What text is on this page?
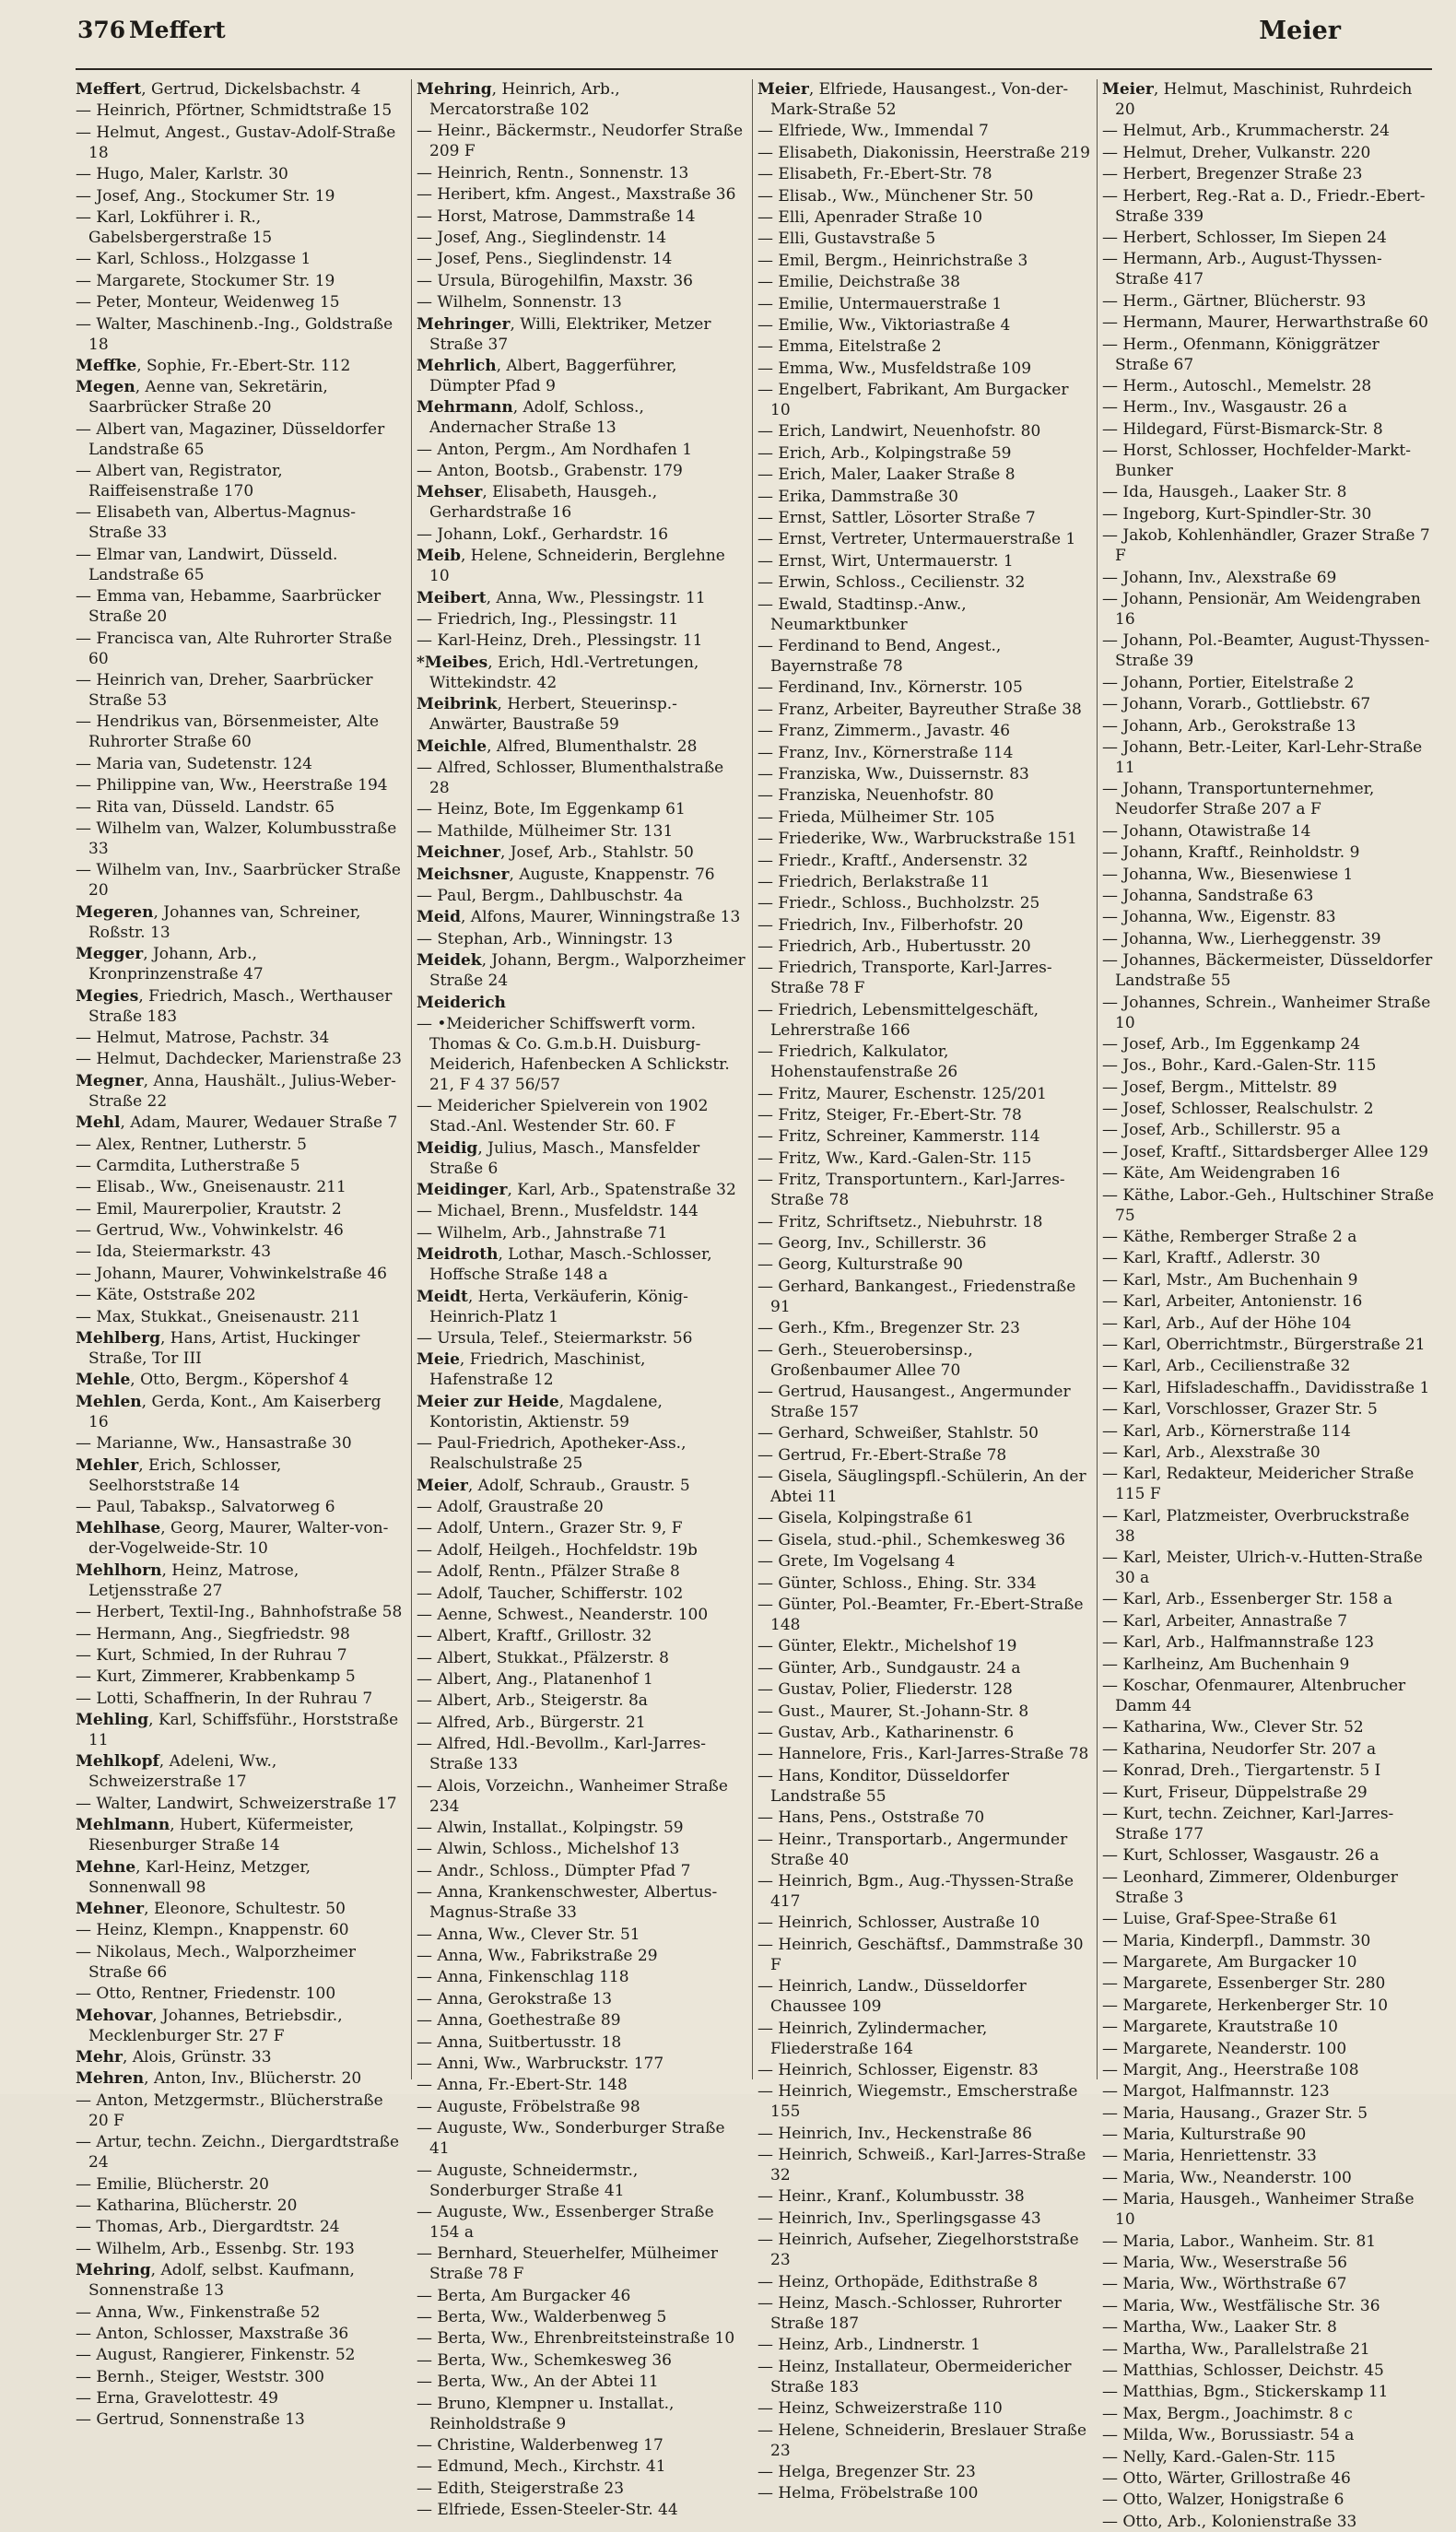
376 Meffert	Meier
Meffert, Gertrud, Dickelsbachstr. 4
— Heinrich, Pförtner, Schmidtstraße 15
— Helmut, Angest., Gustav-Adolf-Straße 18
— Hugo, Maler, Karlstr. 30
— Josef, Ang., Stockumer Str. 19
— Karl, Lokführer i. R., Gabelsbergerstraße 15
— Karl, Schloss., Holzgasse 1
— Margarete, Stockumer Str. 19
— Peter, Monteur, Weidenweg 15
— Walter, Maschinenb.-Ing., Goldstraße 18
Meffke, Sophie, Fr.-Ebert-Str. 112
Megen, Aenne van, Sekretärin, Saarbrücker Straße 20
— Albert van, Magaziner, Düsseldorfer Landstraße 65
— Albert van, Registrator, Raiffeisenstraße 170
— Elisabeth van, Albertus-Magnus-Straße 33
— Elmar van, Landwirt, Düsseld. Landstraße 65
— Emma van, Hebamme, Saarbrücker Straße 20
— Francisca van, Alte Ruhrorter Straße 60
— Heinrich van, Dreher, Saarbrücker Straße 53
— Hendrikus van, Börsenmeister, Alte Ruhrorter Straße 60
— Maria van, Sudetenstr. 124
— Philippine van, Ww., Heerstraße 194
— Rita van, Düsseld. Landstr. 65
— Wilhelm van, Walzer, Kolumbusstraße 33
— Wilhelm van, Inv., Saarbrücker Straße 20
Megeren, Johannes van, Schreiner, Roßstr. 13
Megger, Johann, Arb., Kronprinzenstraße 47
Megies, Friedrich, Masch., Werthauser Straße 183
— Helmut, Matrose, Pachstr. 34
— Helmut, Dachdecker, Marienstraße 23
Megner, Anna, Haushält., Julius-Weber-Straße 22
Mehl, Adam, Maurer, Wedauer Straße 7
— Alex, Rentner, Lutherstr. 5
— Carmdita, Lutherstraße 5
— Elisab., Ww., Gneisenaustr. 211
— Emil, Maurerpolier, Krautstr. 2
— Gertrud, Ww., Vohwinkelstr. 46
— Ida, Steiermarkstr. 43
— Johann, Maurer, Vohwinkelstraße 46
— Käte, Oststraße 202
— Max, Stukkat., Gneisenaustr. 211
Mehlberg, Hans, Artist, Huckinger Straße, Tor III
Mehle, Otto, Bergm., Köpershof 4
Mehlen, Gerda, Kont., Am Kaiserberg 16
— Marianne, Ww., Hansastraße 30
Mehler, Erich, Schlosser, Seelhorststraße 14
— Paul, Tabaksp., Salvatorweg 6
Mehlhase, Georg, Maurer, Walter-von-der-Vogelweide-Str. 10
Mehlhorn, Heinz, Matrose, Letjensstraße 27
— Herbert, Textil-Ing., Bahnhofstraße 58
— Hermann, Ang., Siegfriedstr. 98
— Kurt, Schmied, In der Ruhrau 7
— Kurt, Zimmerer, Krabbenkamp 5
— Lotti, Schaffnerin, In der Ruhrau 7
Mehling, Karl, Schiffsführ., Horststraße 11
Mehlkopf, Adeleni, Ww., Schweizerstraße 17
— Walter, Landwirt, Schweizerstraße 17
Mehlmann, Hubert, Küfermeister, Riesenburger Straße 14
Mehne, Karl-Heinz, Metzger, Sonnenwall 98
Mehner, Eleonore, Schultestr. 50
— Heinz, Klempn., Knappenstr. 60
— Nikolaus, Mech., Walporzheimer Straße 66
— Otto, Rentner, Friedenstr. 100
Mehovar, Johannes, Betriebsdir., Mecklenburger Str. 27 F
Mehr, Alois, Grünstr. 33
Mehren, Anton, Inv., Blücherstr. 20
— Anton, Metzgermstr., Blücherstraße 20 F
— Artur, techn. Zeichn., Diergardtstraße 24
— Emilie, Blücherstr. 20
— Katharina, Blücherstr. 20
— Thomas, Arb., Diergardtstr. 24
— Wilhelm, Arb., Essenbg. Str. 193
Mehring, Adolf, selbst. Kaufmann, Sonnenstraße 13
— Anna, Ww., Finkenstraße 52
— Anton, Schlosser, Maxstraße 36
— August, Rangierer, Finkenstr. 52
— Bernh., Steiger, Weststr. 300
— Erna, Gravelottestr. 49
— Gertrud, Sonnenstraße 13
Mehring, Heinrich, Arb., Mercatorstraße 102
— Heinr., Bäckermstr., Neudorfer Straße 209 F
— Heinrich, Rentn., Sonnenstr. 13
— Heribert, kfm. Angest., Maxstraße 36
— Horst, Matrose, Dammstraße 14
— Josef, Ang., Sieglindenstr. 14
— Josef, Pens., Sieglindenstr. 14
— Ursula, Bürogehilfin, Maxstr. 36
— Wilhelm, Sonnenstr. 13
Mehringer, Willi, Elektriker, Metzer Straße 37
Mehrlich, Albert, Baggerführer, Dümpter Pfad 9
Mehrmann, Adolf, Schloss., Andernacher Straße 13
— Anton, Pergm., Am Nordhafen 1
— Anton, Bootsb., Grabenstr. 179
Mehser, Elisabeth, Hausgeh., Gerhardstraße 16
— Johann, Lokf., Gerhardstr. 16
Meib, Helene, Schneiderin, Berglehne 10
Meibert, Anna, Ww., Plessingstr. 11
— Friedrich, Ing., Plessingstr. 11
— Karl-Heinz, Dreh., Plessingstr. 11
*Meibes, Erich, Hdl.-Vertretungen, Wittekindstr. 42
Meibrink, Herbert, Steuerinsp.-Anwärter, Baustraße 59
Meichle, Alfred, Blumenthalstr. 28
— Alfred, Schlosser, Blumenthalstraße 28
— Heinz, Bote, Im Eggenkamp 61
— Mathilde, Mülheimer Str. 131
Meichner, Josef, Arb., Stahlstr. 50
Meichsner, Auguste, Knappenstr. 76
— Paul, Bergm., Dahlbuschstr. 4a
Meid, Alfons, Maurer, Winningstraße 13
— Stephan, Arb., Winningstr. 13
Meidek, Johann, Bergm., Walporzheimer Straße 24
Meiderich
— •Meidericher Schiffswerft vorm. Thomas & Co. G.m.b.H. Duisburg-Meiderich, Hafenbecken A Schlickstr. 21, F 4 37 56/57
— Meidericher Spielverein von 1902 Stad.-Anl. Westender Str. 60. F
Meidig, Julius, Masch., Mansfelder Straße 6
Meidinger, Karl, Arb., Spatenstraße 32
— Michael, Brenn., Musfeldstr. 144
— Wilhelm, Arb., Jahnstraße 71
Meidroth, Lothar, Masch.-Schlosser, Hoffsche Straße 148 a
Meidt, Herta, Verkäuferin, König-Heinrich-Platz 1
— Ursula, Telef., Steiermarkstr. 56
Meie, Friedrich, Maschinist, Hafenstraße 12
Meier zur Heide, Magdalene, Kontoristin, Aktienstr. 59
— Paul-Friedrich, Apotheker-Ass., Realschulstraße 25
Meier, Adolf, Schraub., Graustr. 5
— Adolf, Graustraße 20
— Adolf, Untern., Grazer Str. 9, F
— Adolf, Heilgeh., Hochfeldstr. 19b
— Adolf, Rentn., Pfälzer Straße 8
— Adolf, Taucher, Schifferstr. 102
— Aenne, Schwest., Neanderstr. 100
— Albert, Kraftf., Grillostr. 32
— Albert, Stukkat., Pfälzerstr. 8
— Albert, Ang., Platanenhof 1
— Albert, Arb., Steigerstr. 8a
— Alfred, Arb., Bürgerstr. 21
— Alfred, Hdl.-Bevollm., Karl-Jarres-Straße 133
— Alois, Vorzeichn., Wanheimer Straße 234
— Alwin, Installat., Kolpingstr. 59
— Alwin, Schloss., Michelshof 13
— Andr., Schloss., Dümpter Pfad 7
— Anna, Krankenschwester, Albertus-Magnus-Straße 33
— Anna, Ww., Clever Str. 51
— Anna, Ww., Fabrikstraße 29
— Anna, Finkenschlag 118
— Anna, Gerokstraße 13
— Anna, Goethestraße 89
— Anna, Suitbertusstr. 18
— Anni, Ww., Warbruckstr. 177
— Anna, Fr.-Ebert-Str. 148
— Auguste, Fröbelstraße 98
— Auguste, Ww., Sonderburger Straße 41
— Auguste, Schneidermstr., Sonderburger Straße 41
— Auguste, Ww., Essenberger Straße 154 a
— Bernhard, Steuerhelfer, Mülheimer Straße 78 F
— Berta, Am Burgacker 46
— Berta, Ww., Walderbenweg 5
— Berta, Ww., Ehrenbreitsteinstraße 10
— Berta, Ww., Schemkesweg 36
— Berta, Ww., An der Abtei 11
— Bruno, Klempner u. Installat., Reinholdstraße 9
— Christine, Walderbenweg 17
— Edmund, Mech., Kirchstr. 41
— Edith, Steigerstraße 23
— Elfriede, Essen-Steeler-Str. 44
Meier, Elfriede, Hausangest., Von-der-Mark-Straße 52
— Elfriede, Ww., Immendal 7
— Elisabeth, Diakonissin, Heerstraße 219
— Elisabeth, Fr.-Ebert-Str. 78
— Elisab., Ww., Münchener Str. 50
— Elli, Apenrader Straße 10
— Elli, Gustavstraße 5
— Emil, Bergm., Heinrichstraße 3
— Emilie, Deichstraße 38
— Emilie, Untermauerstraße 1
— Emilie, Ww., Viktoriastraße 4
— Emma, Eitelstraße 2
— Emma, Ww., Musfeldstraße 109
— Engelbert, Fabrikant, Am Burgacker 10
— Erich, Landwirt, Neuenhofstr. 80
— Erich, Arb., Kolpingstraße 59
— Erich, Maler, Laaker Straße 8
— Erika, Dammstraße 30
— Ernst, Sattler, Lösorter Straße 7
— Ernst, Vertreter, Untermauerstraße 1
— Ernst, Wirt, Untermauerstr. 1
— Erwin, Schloss., Cecilienstr. 32
— Ewald, Stadtinsp.-Anw., Neumarktbunker
— Ferdinand to Bend, Angest., Bayernstraße 78
— Ferdinand, Inv., Körnerstr. 105
— Franz, Arbeiter, Bayreuther Straße 38
— Franz, Zimmerm., Javastr. 46
— Franz, Inv., Körnerstraße 114
— Franziska, Ww., Duissernstr. 83
— Franziska, Neuenhofstr. 80
— Frieda, Mülheimer Str. 105
— Friederike, Ww., Warbruckstraße 151
— Friedr., Kraftf., Andersenstr. 32
— Friedrich, Berlakstraße 11
— Friedr., Schloss., Buchholzstr. 25
— Friedrich, Inv., Filberhofstr. 20
— Friedrich, Arb., Hubertusstr. 20
— Friedrich, Transporte, Karl-Jarres-Straße 78 F
— Friedrich, Lebensmittelgeschäft, Lehrerstraße 166
— Friedrich, Kalkulator, Hohenstaufenstraße 26
— Fritz, Maurer, Eschenstr. 125/201
— Fritz, Steiger, Fr.-Ebert-Str. 78
— Fritz, Schreiner, Kammerstr. 114
— Fritz, Ww., Kard.-Galen-Str. 115
— Fritz, Transportuntern., Karl-Jarres-Straße 78
— Fritz, Schriftsetz., Niebuhrstr. 18
— Georg, Inv., Schillerstr. 36
— Georg, Kulturstraße 90
— Gerhard, Bankangest., Friedenstraße 91
— Gerh., Kfm., Bregenzer Str. 23
— Gerh., Steuerobersinsp., Großenbaumer Allee 70
— Gertrud, Hausangest., Angermunder Straße 157
— Gerhard, Schweißer, Stahlstr. 50
— Gertrud, Fr.-Ebert-Straße 78
— Gisela, Säuglingspfl.-Schülerin, An der Abtei 11
— Gisela, Kolpingstraße 61
— Gisela, stud.-phil., Schemkesweg 36
— Grete, Im Vogelsang 4
— Günter, Schloss., Ehing. Str. 334
— Günter, Pol.-Beamter, Fr.-Ebert-Straße 148
— Günter, Elektr., Michelshof 19
— Günter, Arb., Sundgaustr. 24 a
— Gustav, Polier, Fliederstr. 128
— Gust., Maurer, St.-Johann-Str. 8
— Gustav, Arb., Katharinenstr. 6
— Hannelore, Fris., Karl-Jarres-Straße 78
— Hans, Konditor, Düsseldorfer Landstraße 55
— Hans, Pens., Oststraße 70
— Heinr., Transportarb., Angermunder Straße 40
— Heinrich, Bgm., Aug.-Thyssen-Straße 417
— Heinrich, Schlosser, Austraße 10
— Heinrich, Geschäftsf., Dammstraße 30 F
— Heinrich, Landw., Düsseldorfer Chaussee 109
— Heinrich, Zylindermacher, Fliederstraße 164
— Heinrich, Schlosser, Eigenstr. 83
— Heinrich, Wiegemstr., Emscherstraße 155
— Heinrich, Inv., Heckenstraße 86
— Heinrich, Schweiß., Karl-Jarres-Straße 32
— Heinr., Kranf., Kolumbusstr. 38
— Heinrich, Inv., Sperlingsgasse 43
— Heinrich, Aufseher, Ziegelhorststraße 23
— Heinz, Orthopäde, Edithstraße 8
— Heinz, Masch.-Schlosser, Ruhrorter Straße 187
— Heinz, Arb., Lindnerstr. 1
— Heinz, Installateur, Obermeidericher Straße 183
— Heinz, Schweizerstraße 110
— Helene, Schneiderin, Breslauer Straße 23
— Helga, Bregenzer Str. 23
— Helma, Fröbelstraße 100
Meier, Helmut, Maschinist, Ruhrdeich 20
— Helmut, Arb., Krummacherstr. 24
— Helmut, Dreher, Vulkanstr. 220
— Herbert, Bregenzer Straße 23
— Herbert, Reg.-Rat a. D., Friedr.-Ebert-Straße 339
— Herbert, Schlosser, Im Siepen 24
— Hermann, Arb., August-Thyssen-Straße 417
— Herm., Gärtner, Blücherstr. 93
— Hermann, Maurer, Herwarthstraße 60
— Herm., Ofenmann, Königgrätzer Straße 67
— Herm., Autoschl., Memelstr. 28
— Herm., Inv., Wasgaustr. 26 a
— Hildegard, Fürst-Bismarck-Str. 8
— Horst, Schlosser, Hochfelder-Markt-Bunker
— Ida, Hausgeh., Laaker Str. 8
— Ingeborg, Kurt-Spindler-Str. 30
— Jakob, Kohlenhändler, Grazer Straße 7 F
— Johann, Inv., Alexstraße 69
— Johann, Pensionär, Am Weidengraben 16
— Johann, Pol.-Beamter, August-Thyssen-Straße 39
— Johann, Portier, Eitelstraße 2
— Johann, Vorarb., Gottliebstr. 67
— Johann, Arb., Gerokstraße 13
— Johann, Betr.-Leiter, Karl-Lehr-Straße 11
— Johann, Transportunternehmer, Neudorfer Straße 207 a F
— Johann, Otawistraße 14
— Johann, Kraftf., Reinholdstr. 9
— Johanna, Ww., Biesenwiese 1
— Johanna, Sandstraße 63
— Johanna, Ww., Eigenstr. 83
— Johanna, Ww., Lierheggenstr. 39
— Johannes, Bäckermeister, Düsseldorfer Landstraße 55
— Johannes, Schrein., Wanheimer Straße 10
— Josef, Arb., Im Eggenkamp 24
— Jos., Bohr., Kard.-Galen-Str. 115
— Josef, Bergm., Mittelstr. 89
— Josef, Schlosser, Realschulstr. 2
— Josef, Arb., Schillerstr. 95 a
— Josef, Kraftf., Sittardsberger Allee 129
— Käte, Am Weidengraben 16
— Käthe, Labor.-Geh., Hultschiner Straße 75
— Käthe, Remberger Straße 2 a
— Karl, Kraftf., Adlerstr. 30
— Karl, Mstr., Am Buchenhain 9
— Karl, Arbeiter, Antonienstr. 16
— Karl, Arb., Auf der Höhe 104
— Karl, Oberrichtmstr., Bürgerstraße 21
— Karl, Arb., Cecilienstraße 32
— Karl, Hifsladeschaffn., Davidisstraße 1
— Karl, Vorschlosser, Grazer Str. 5
— Karl, Arb., Körnerstraße 114
— Karl, Arb., Alexstraße 30
— Karl, Redakteur, Meidericher Straße 115 F
— Karl, Platzmeister, Overbruckstraße 38
— Karl, Meister, Ulrich-v.-Hutten-Straße 30 a
— Karl, Arb., Essenberger Str. 158 a
— Karl, Arbeiter, Annastraße 7
— Karl, Arb., Halfmannstraße 123
— Karlheinz, Am Buchenhain 9
— Koschar, Ofenmaurer, Altenbrucher Damm 44
— Katharina, Ww., Clever Str. 52
— Katharina, Neudorfer Str. 207 a
— Konrad, Dreh., Tiergartenstr. 5 I
— Kurt, Friseur, Düppelstraße 29
— Kurt, techn. Zeichner, Karl-Jarres-Straße 177
— Kurt, Schlosser, Wasgaustr. 26 a
— Leonhard, Zimmerer, Oldenburger Straße 3
— Luise, Graf-Spee-Straße 61
— Maria, Kinderpfl., Dammstr. 30
— Margarete, Am Burgacker 10
— Margarete, Essenberger Str. 280
— Margarete, Herkenberger Str. 10
— Margarete, Krautstraße 10
— Margarete, Neanderstr. 100
— Margit, Ang., Heerstraße 108
— Margot, Halfmannstr. 123
— Maria, Hausang., Grazer Str. 5
— Maria, Kulturstraße 90
— Maria, Henriettenstr. 33
— Maria, Ww., Neanderstr. 100
— Maria, Hausgeh., Wanheimer Straße 10
— Maria, Labor., Wanheim. Str. 81
— Maria, Ww., Weserstraße 56
— Maria, Ww., Wörthstraße 67
— Maria, Ww., Westfälische Str. 36
— Martha, Ww., Laaker Str. 8
— Martha, Ww., Parallelstraße 21
— Matthias, Schlosser, Deichstr. 45
— Matthias, Bgm., Stickerskamp 11
— Max, Bergm., Joachimstr. 8 c
— Milda, Ww., Borussiastr. 54 a
— Nelly, Kard.-Galen-Str. 115
— Otto, Wärter, Grillostraße 46
— Otto, Walzer, Honigstraße 6
— Otto, Arb., Kolonienstraße 33
